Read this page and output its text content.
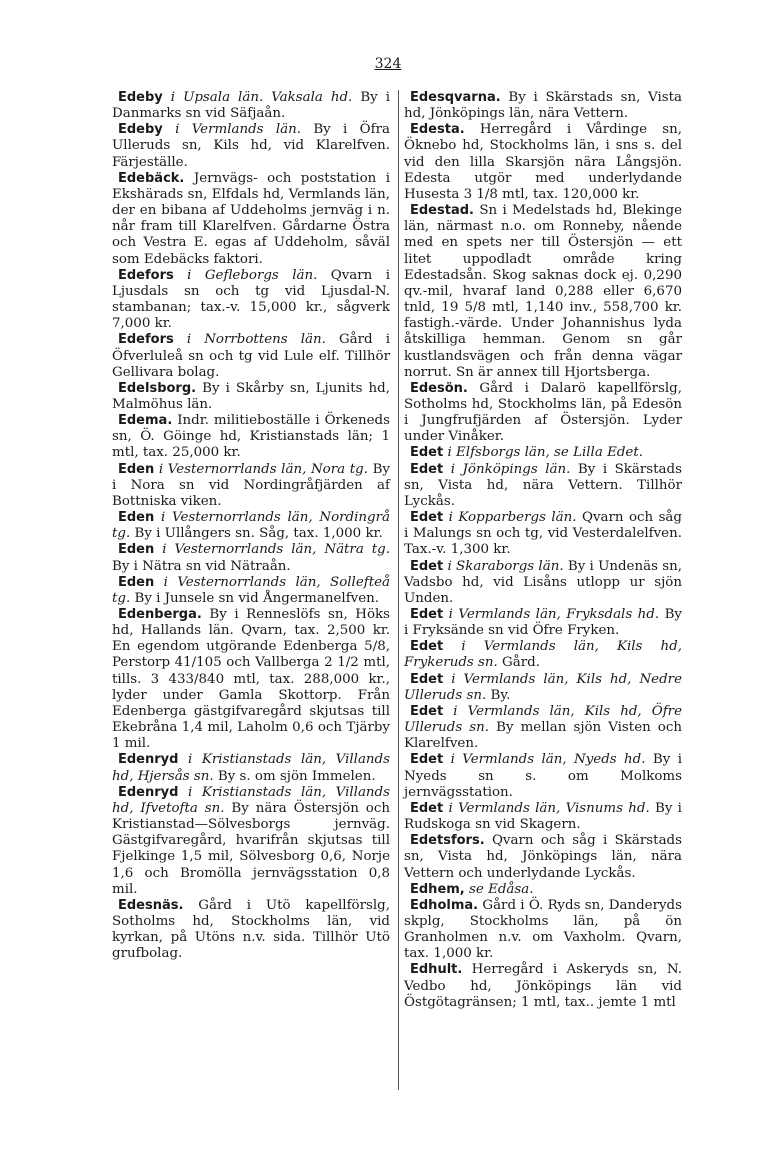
324

Edeby i Upsala län. Vaksala hd. By i Danmarks sn vid Säfjaån.

Edeby i Vermlands län. By i Öfra Ulleruds sn, Kils hd, vid Klarelfven. Färjeställe.

Edebäck. Jernvägs- och poststation i Ekshärads sn, Elfdals hd, Vermlands län, der en bibana af Uddeholms jernväg i n. når fram till Klarelfven. Gårdarne Östra och Vestra E. egas af Uddeholm, såväl som Edebäcks faktori.

Edefors i Gefleborgs län. Qvarn i Ljusdals sn och tg vid Ljusdal-N. stambanan; tax.-v. 15,000 kr., sågverk 7,000 kr.

Edefors i Norrbottens län. Gård i Öfverluleå sn och tg vid Lule elf. Tillhör Gellivara bolag.

Edelsborg. By i Skårby sn, Ljunits hd, Malmöhus län.

Edema. Indr. militieboställe i Örkeneds sn, Ö. Göinge hd, Kristianstads län; 1 mtl, tax. 25,000 kr.

Eden i Vesternorrlands län, Nora tg. By i Nora sn vid Nordingråfjärden af Bottniska viken.

Eden i Vesternorrlands län, Nordingrå tg. By i Ullångers sn. Såg, tax. 1,000 kr.

Eden i Vesternorrlands län, Nätra tg. By i Nätra sn vid Nätraån.

Eden i Vesternorrlands län, Sollefteå tg. By i Junsele sn vid Ångermanelfven.

Edenberga. By i Renneslöfs sn, Höks hd, Hallands län. Qvarn, tax. 2,500 kr. En egendom utgörande Edenberga 5/8, Perstorp 41/105 och Vallberga 2 1/2 mtl, tills. 3 433/840 mtl, tax. 288,000 kr., lyder under Gamla Skottorp. Från Edenberga gästgifvaregård skjutsas till Ekebråna 1,4 mil, Laholm 0,6 och Tjärby 1 mil.

Edenryd i Kristianstads län, Villands hd, Hjersås sn. By s. om sjön Immelen.

Edenryd i Kristianstads län, Villands hd, Ifvetofta sn. By nära Östersjön och Kristianstad—Sölvesborgs jernväg. Gästgifvaregård, hvarifrån skjutsas till Fjelkinge 1,5 mil, Sölvesborg 0,6, Norje 1,6 och Bromölla jernvägsstation 0,8 mil.

Edesnäs. Gård i Utö kapellförslg, Sotholms hd, Stockholms län, vid kyrkan, på Utöns n.v. sida. Tillhör Utö grufbolag.

Edesqvarna. By i Skärstads sn, Vista hd, Jönköpings län, nära Vettern.

Edesta. Herregård i Vårdinge sn, Öknebo hd, Stockholms län, i sns s. del vid den lilla Skarsjön nära Långsjön. Edesta utgör med underlydande Husesta 3 1/8 mtl, tax. 120,000 kr.

Edestad. Sn i Medelstads hd, Blekinge län, närmast n.o. om Ronneby, nående med en spets ner till Östersjön — ett litet uppodladt område kring Edestadsån. Skog saknas dock ej. 0,290 qv.-mil, hvaraf land 0,288 eller 6,670 tnld, 19 5/8 mtl, 1,140 inv., 558,700 kr. fastigh.-värde. Under Johannishus lyda åtskilliga hemman. Genom sn går kustlandsvägen och från denna vägar norrut. Sn är annex till Hjortsberga.

Edesön. Gård i Dalarö kapellförslg, Sotholms hd, Stockholms län, på Edesön i Jungfrufjärden af Östersjön. Lyder under Vinåker.

Edet i Elfsborgs län, se Lilla Edet.

Edet i Jönköpings län. By i Skärstads sn, Vista hd, nära Vettern. Tillhör Lyckås.

Edet i Kopparbergs län. Qvarn och såg i Malungs sn och tg, vid Vesterdalelfven. Tax.-v. 1,300 kr.

Edet i Skaraborgs län. By i Undenäs sn, Vadsbo hd, vid Lisåns utlopp ur sjön Unden.

Edet i Vermlands län, Fryksdals hd. By i Fryksände sn vid Öfre Fryken.

Edet i Vermlands län, Kils hd, Frykeruds sn. Gård.

Edet i Vermlands län, Kils hd, Nedre Ulleruds sn. By.

Edet i Vermlands län, Kils hd, Öfre Ulleruds sn. By mellan sjön Visten och Klarelfven.

Edet i Vermlands län, Nyeds hd. By i Nyeds sn s. om Molkoms jernvägsstation.

Edet i Vermlands län, Visnums hd. By i Rudskoga sn vid Skagern.

Edetsfors. Qvarn och såg i Skärstads sn, Vista hd, Jönköpings län, nära Vettern och underlydande Lyckås.

Edhem, se Edåsa.

Edholma. Gård i Ö. Ryds sn, Danderyds skplg, Stockholms län, på ön Granholmen n.v. om Vaxholm. Qvarn, tax. 1,000 kr.

Edhult. Herregård i Askeryds sn, N. Vedbo hd, Jönköpings län vid Östgötagränsen; 1 mtl, tax.. jemte 1 mtl
